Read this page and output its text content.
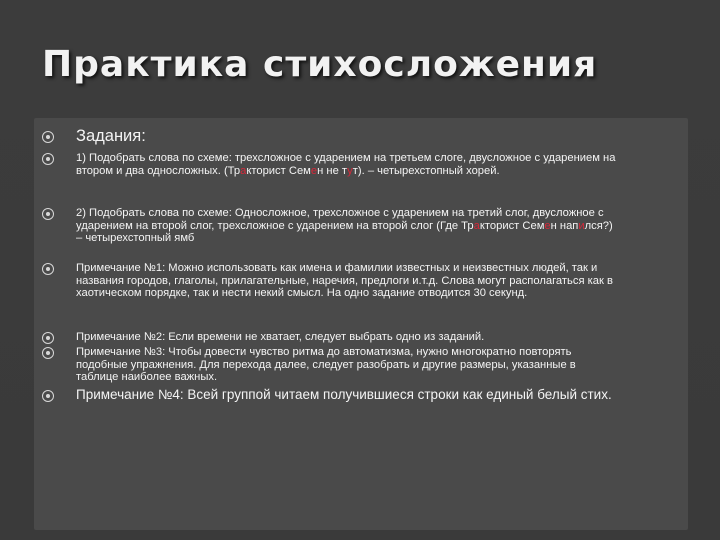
Практика стихосложения
Задания:
1) Подобрать слова по схеме: трехсложное с ударением на третьем слоге, двусложное с ударением на втором и два односложных. (Тракторист Семен не тут). – четырехстопный хорей.
2) Подобрать слова по схеме: Односложное, трехсложное с ударением на третий слог, двусложное с ударением на второй слог, трехсложное с ударением на второй слог (Где Тракторист Семен напился?) – четырехстопный ямб
Примечание №1: Можно использовать как имена и фамилии известных и неизвестных людей, так и названия городов, глаголы, прилагательные, наречия, предлоги и.т.д. Слова могут располагаться как в хаотическом порядке, так и нести некий смысл. На одно задание отводится 30 секунд.
Примечание №2: Если времени не хватает, следует выбрать одно из заданий.
Примечание №3: Чтобы довести чувство ритма до автоматизма, нужно многократно повторять подобные упражнения. Для перехода далее, следует разобрать и другие размеры, указанные в таблице наиболее важных.
Примечание №4: Всей группой читаем получившиеся строки как единый белый стих.
